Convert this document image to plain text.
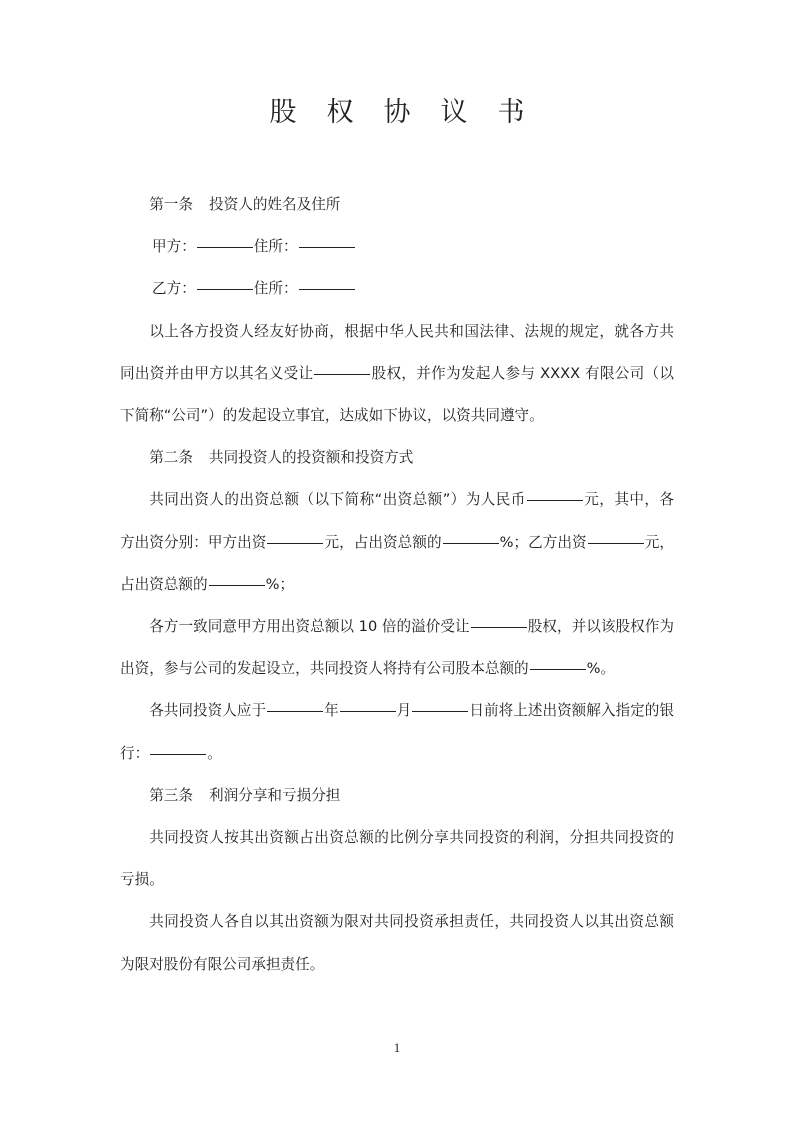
股权协议书

第一条 投资人的姓名及住所

甲方：	住所：

乙方：	住所：

以上各方投资人经友好协商，根据中华人民共和国法律、法规的规定，就各方共同出资并由甲方以其名义受让	股权，并作为发起人参与 XXXX 有限公司（以下简称“公司”）的发起设立事宜，达成如下协议，以资共同遵守。

第二条 共同投资人的投资额和投资方式

共同出资人的出资总额（以下简称“出资总额”）为人民币	元，其中，各方出资分别：甲方出资	元，占出资总额的	%；乙方出资	元，占出资总额的	%；

各方一致同意甲方用出资总额以 10 倍的溢价受让	股权，并以该股权作为出资，参与公司的发起设立，共同投资人将持有公司股本总额的	%。

各共同投资人应于	年	月	日前将上述出资额解入指定的银行：	。

第三条 利润分享和亏损分担

共同投资人按其出资额占出资总额的比例分享共同投资的利润，分担共同投资的亏损。

共同投资人各自以其出资额为限对共同投资承担责任，共同投资人以其出资总额为限对股份有限公司承担责任。

1
